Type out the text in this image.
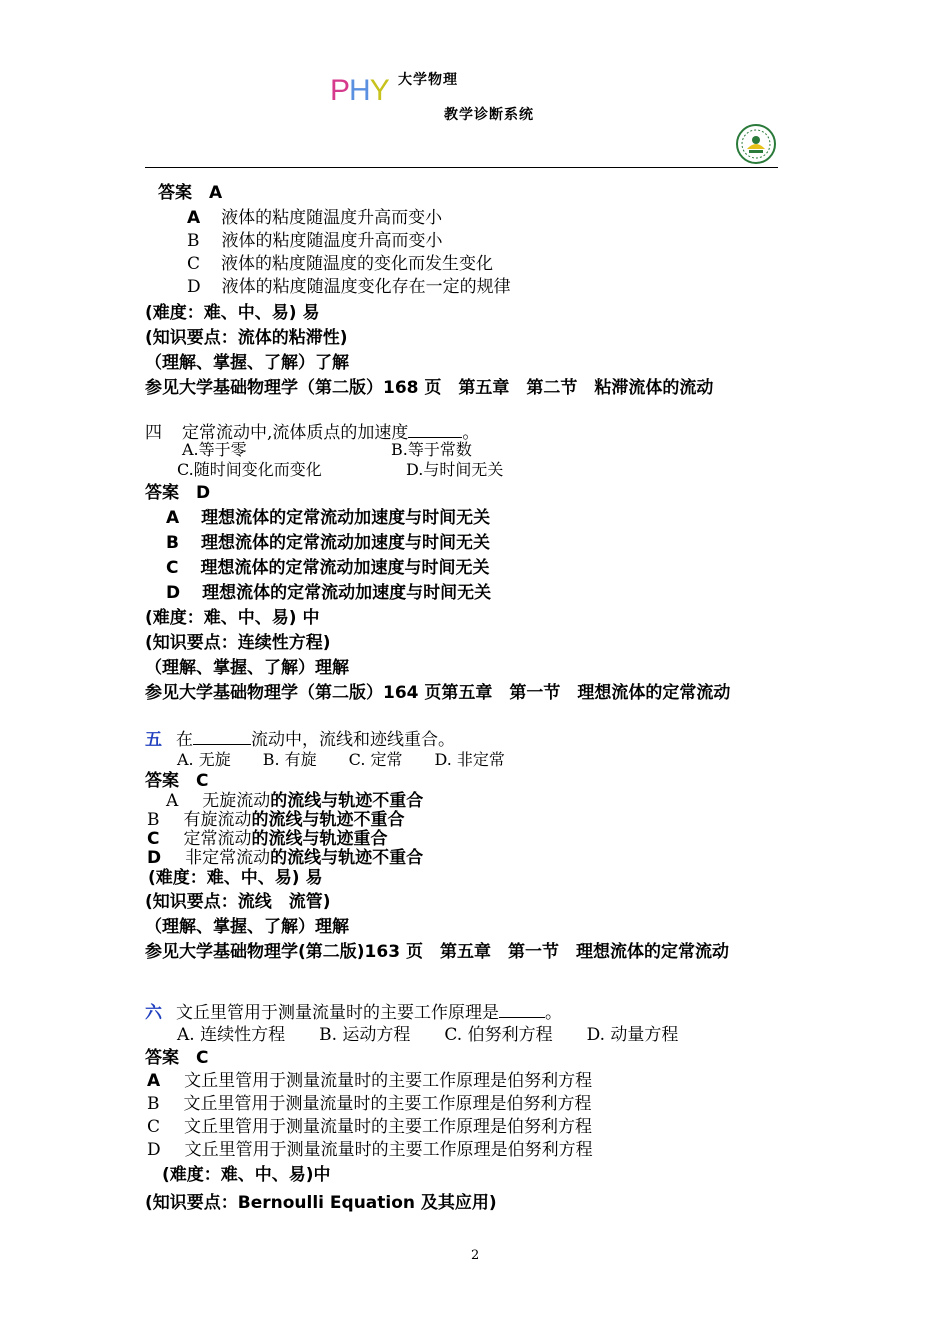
PHY 大学物理
教学诊断系统
答案　A
A 液体的粘度随温度升高而变小
B 液体的粘度随温度升高而变小
C 液体的粘度随温度的变化而发生变化
D 液体的粘度随温度变化存在一定的规律
(难度：难、中、易) 易
(知识要点：流体的粘滞性)
（理解、掌握、了解）了解
参见大学基础物理学（第二版）168 页　第五章　第二节　粘滞流体的流动
四 定常流动中,流体质点的加速度	。
A.等于零	B.等于常数
C.随时间变化而变化	D.与时间无关
答案　D
A 理想流体的定常流动加速度与时间无关
B 理想流体的定常流动加速度与时间无关
C 理想流体的定常流动加速度与时间无关
D 理想流体的定常流动加速度与时间无关
(难度：难、中、易) 中
(知识要点：连续性方程)
（理解、掌握、了解）理解
参见大学基础物理学（第二版）164 页第五章　第一节　理想流体的定常流动
五 在	流动中，流线和迹线重合。
A. 无旋　　B. 有旋　　C. 定常　　D. 非定常
答案　C
A 无旋流动的流线与轨迹不重合
B 有旋流动的流线与轨迹不重合
C 定常流动的流线与轨迹重合
D 非定常流动的流线与轨迹不重合
(难度：难、中、易) 易
(知识要点：流线　流管)
（理解、掌握、了解）理解
参见大学基础物理学(第二版)163 页　第五章　第一节　理想流体的定常流动
六 文丘里管用于测量流量时的主要工作原理是	。
A. 连续性方程　　B. 运动方程　　C. 伯努利方程　　D. 动量方程
答案　C
A 文丘里管用于测量流量时的主要工作原理是伯努利方程
B 文丘里管用于测量流量时的主要工作原理是伯努利方程
C 文丘里管用于测量流量时的主要工作原理是伯努利方程
D 文丘里管用于测量流量时的主要工作原理是伯努利方程
(难度：难、中、易)中
(知识要点：Bernoulli Equation 及其应用)
2
